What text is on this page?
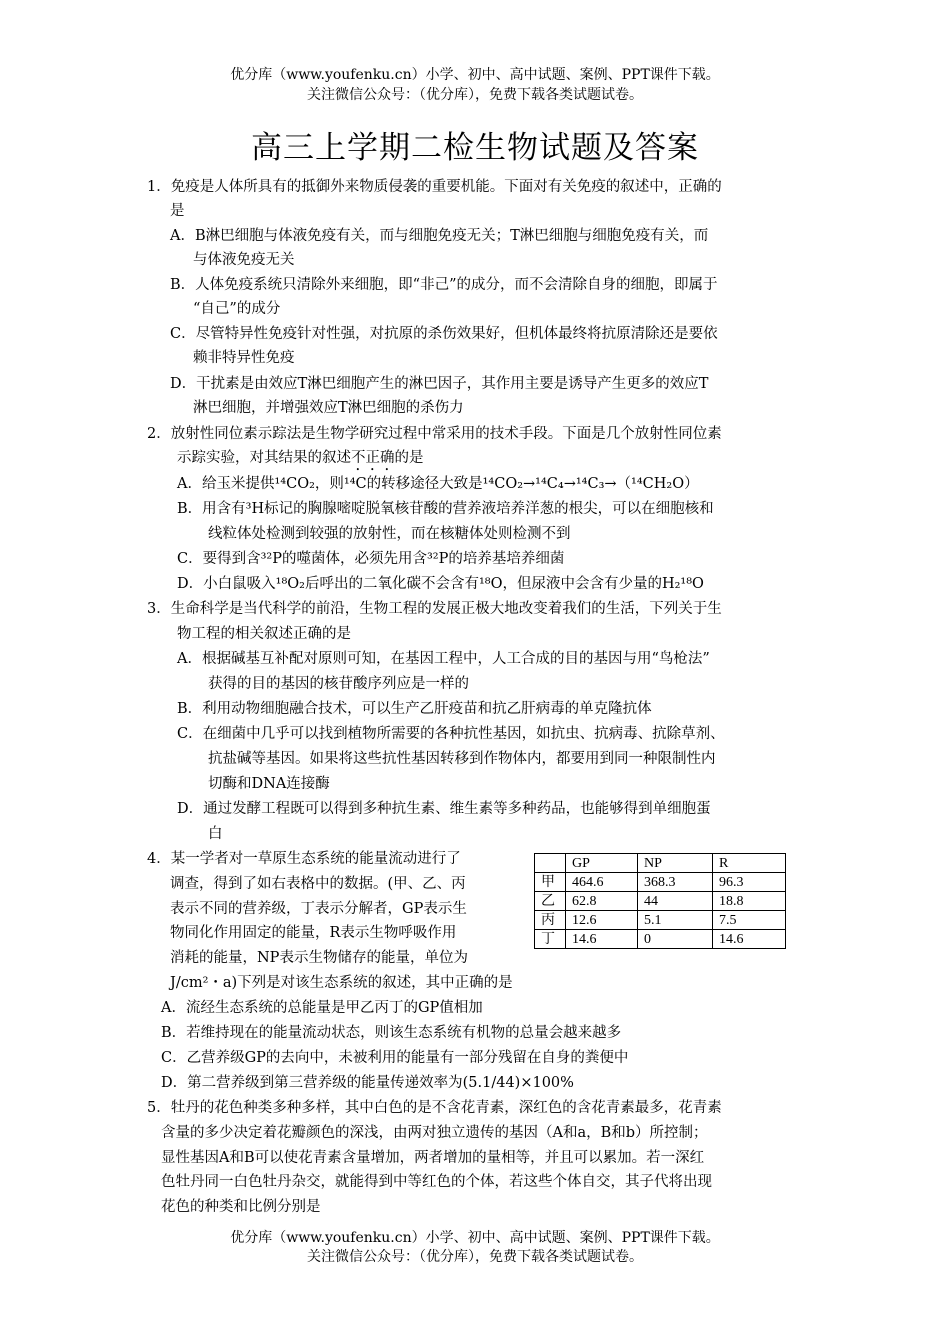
优分库（www.youfenku.cn）小学、初中、高中试题、案例、PPT课件下载。
关注微信公众号：（优分库），免费下载各类试题试卷。
高三上学期二检生物试题及答案
1．免疫是人体所具有的抵御外来物质侵袭的重要机能。下面对有关免疫的叙述中，正确的
是
A．B淋巴细胞与体液免疫有关，而与细胞免疫无关；T淋巴细胞与细胞免疫有关，而
与体液免疫无关
B．人体免疫系统只清除外来细胞，即“非己”的成分，而不会清除自身的细胞，即属于
“自己”的成分
C．尽管特异性免疫针对性强，对抗原的杀伤效果好，但机体最终将抗原清除还是要依
赖非特异性免疫
D．干扰素是由效应T淋巴细胞产生的淋巴因子，其作用主要是诱导产生更多的效应T
淋巴细胞，并增强效应T淋巴细胞的杀伤力
2．放射性同位素示踪法是生物学研究过程中常采用的技术手段。下面是几个放射性同位素
示踪实验，对其结果的叙述不正确的是
A．给玉米提供¹⁴CO₂，则¹⁴C的转移途径大致是¹⁴CO₂→¹⁴C₄→¹⁴C₃→（¹⁴CH₂O）
B．用含有³H标记的胸腺嘧啶脱氧核苷酸的营养液培养洋葱的根尖，可以在细胞核和
线粒体处检测到较强的放射性，而在核糖体处则检测不到
C．要得到含³²P的噬菌体，必须先用含³²P的培养基培养细菌
D．小白鼠吸入¹⁸O₂后呼出的二氧化碳不会含有¹⁸O，但尿液中会含有少量的H₂¹⁸O
3．生命科学是当代科学的前沿，生物工程的发展正极大地改变着我们的生活，下列关于生
物工程的相关叙述正确的是
A．根据碱基互补配对原则可知，在基因工程中，人工合成的目的基因与用“鸟枪法”
获得的目的基因的核苷酸序列应是一样的
B．利用动物细胞融合技术，可以生产乙肝疫苗和抗乙肝病毒的单克隆抗体
C．在细菌中几乎可以找到植物所需要的各种抗性基因，如抗虫、抗病毒、抗除草剂、
抗盐碱等基因。如果将这些抗性基因转移到作物体内，都要用到同一种限制性内
切酶和DNA连接酶
D．通过发酵工程既可以得到多种抗生素、维生素等多种药品，也能够得到单细胞蛋
白
4．某一学者对一草原生态系统的能量流动进行了
调查，得到了如右表格中的数据。(甲、乙、丙
表示不同的营养级，丁表示分解者，GP表示生
物同化作用固定的能量，R表示生物呼吸作用
消耗的能量，NP表示生物储存的能量，单位为
J/cm²・a)下列是对该生态系统的叙述，其中正确的是
	GP	NP	R
甲	464.6	368.3	96.3
乙	62.8	44	18.8
丙	12.6	5.1	7.5
丁	14.6	0	14.6
A．流经生态系统的总能量是甲乙丙丁的GP值相加
B．若维持现在的能量流动状态，则该生态系统有机物的总量会越来越多
C．乙营养级GP的去向中，未被利用的能量有一部分残留在自身的粪便中
D．第二营养级到第三营养级的能量传递效率为(5.1/44)×100%
5．牡丹的花色种类多种多样，其中白色的是不含花青素，深红色的含花青素最多，花青素
含量的多少决定着花瓣颜色的深浅，由两对独立遗传的基因（A和a，B和b）所控制；
显性基因A和B可以使花青素含量增加，两者增加的量相等，并且可以累加。若一深红
色牡丹同一白色牡丹杂交，就能得到中等红色的个体，若这些个体自交，其子代将出现
花色的种类和比例分别是
优分库（www.youfenku.cn）小学、初中、高中试题、案例、PPT课件下载。
关注微信公众号：（优分库），免费下载各类试题试卷。
